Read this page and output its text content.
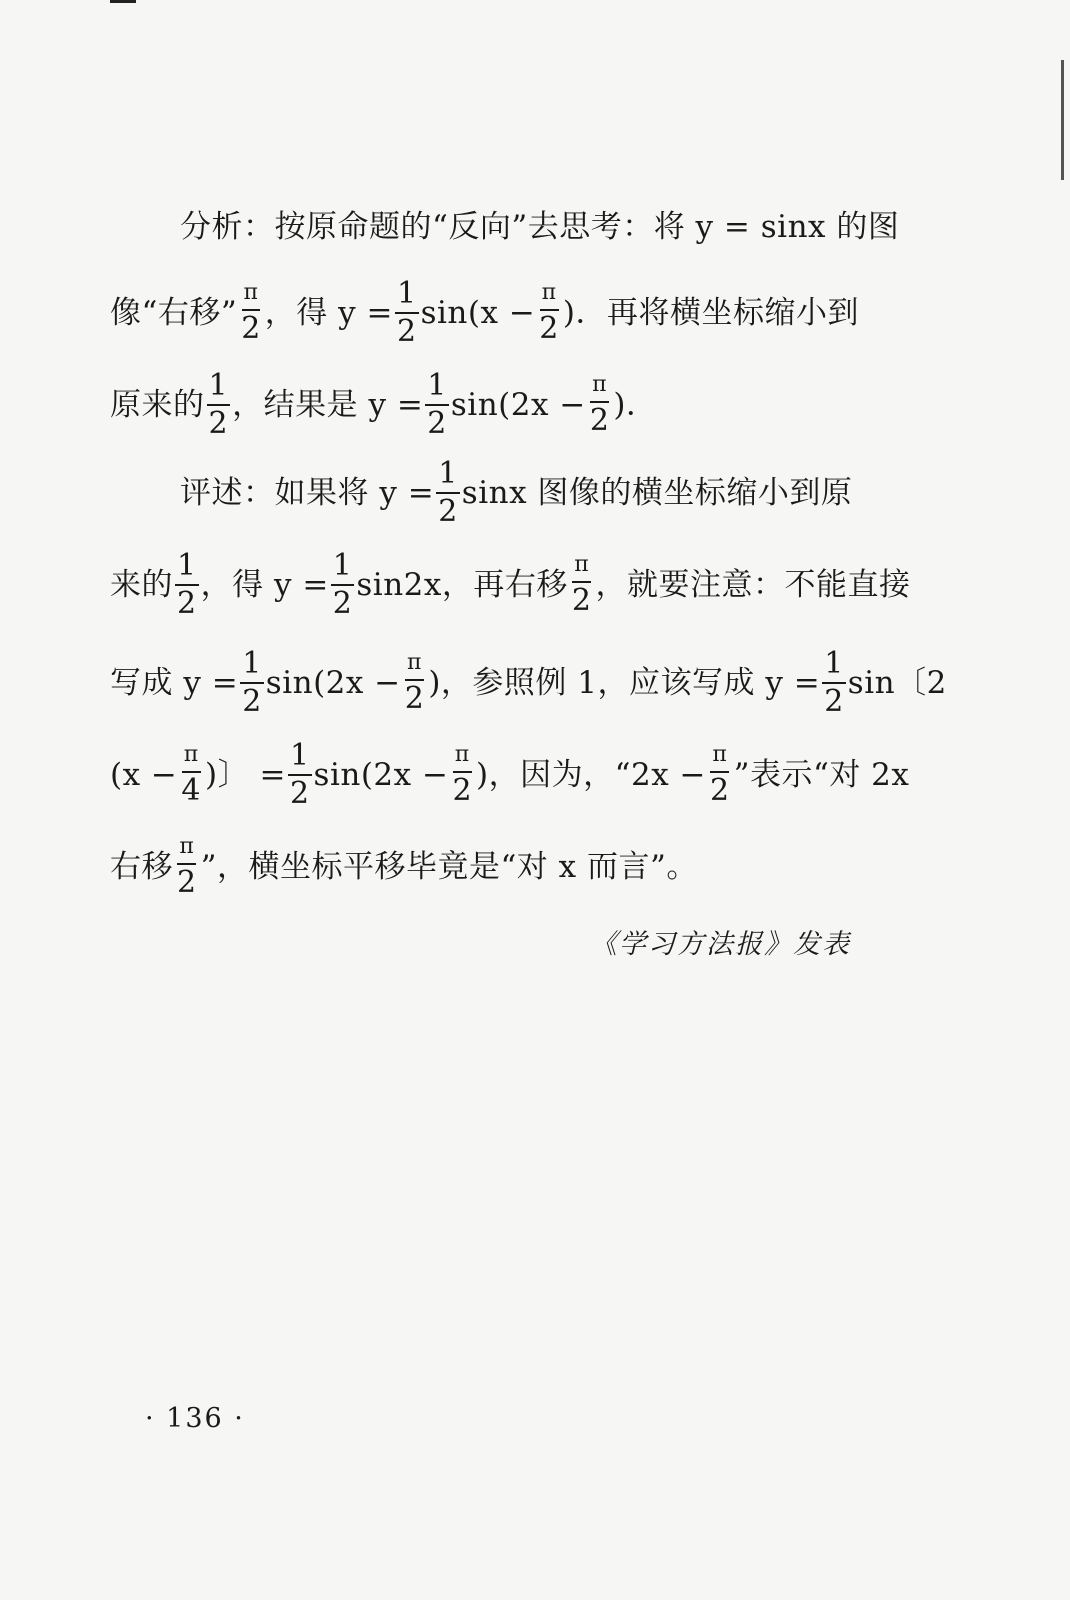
分析：按原命题的“反向”去思考：将 y = sinx 的图
像“右移” $\frac{\pi}{2}$ ，得 $y = \frac{1}{2} \sin(x - \frac{\pi}{2}$ )．再将横坐标缩小到
原来的 $\frac{1}{2}$ ，结果是 $y = \frac{1}{2} \sin(2x - \frac{\pi}{2}$ )．
评述：如果将 $y = \frac{1}{2}$ sinx 图像的横坐标缩小到原
来的 $\frac{1}{2}$ ，得 $y = \frac{1}{2} \sin 2x$，再右移 $\frac{\pi}{2}$ ，就要注意：不能直接
写成 $y = \frac{1}{2} \sin(2x - \frac{\pi}{2}$ )，参照例 1，应该写成 $y = \frac{1}{2}$ sin〔2
($x - \frac{\pi}{4}$ )〕 = $\frac{1}{2} \sin(2x - \frac{\pi}{2}$ )，因为，“$2x - \frac{\pi}{2}$ ”表示“对 2x
右移 $\frac{\pi}{2}$ ”，横坐标平移毕竟是“对 x 而言”。
《学习方法报》发表
· 136 ·
